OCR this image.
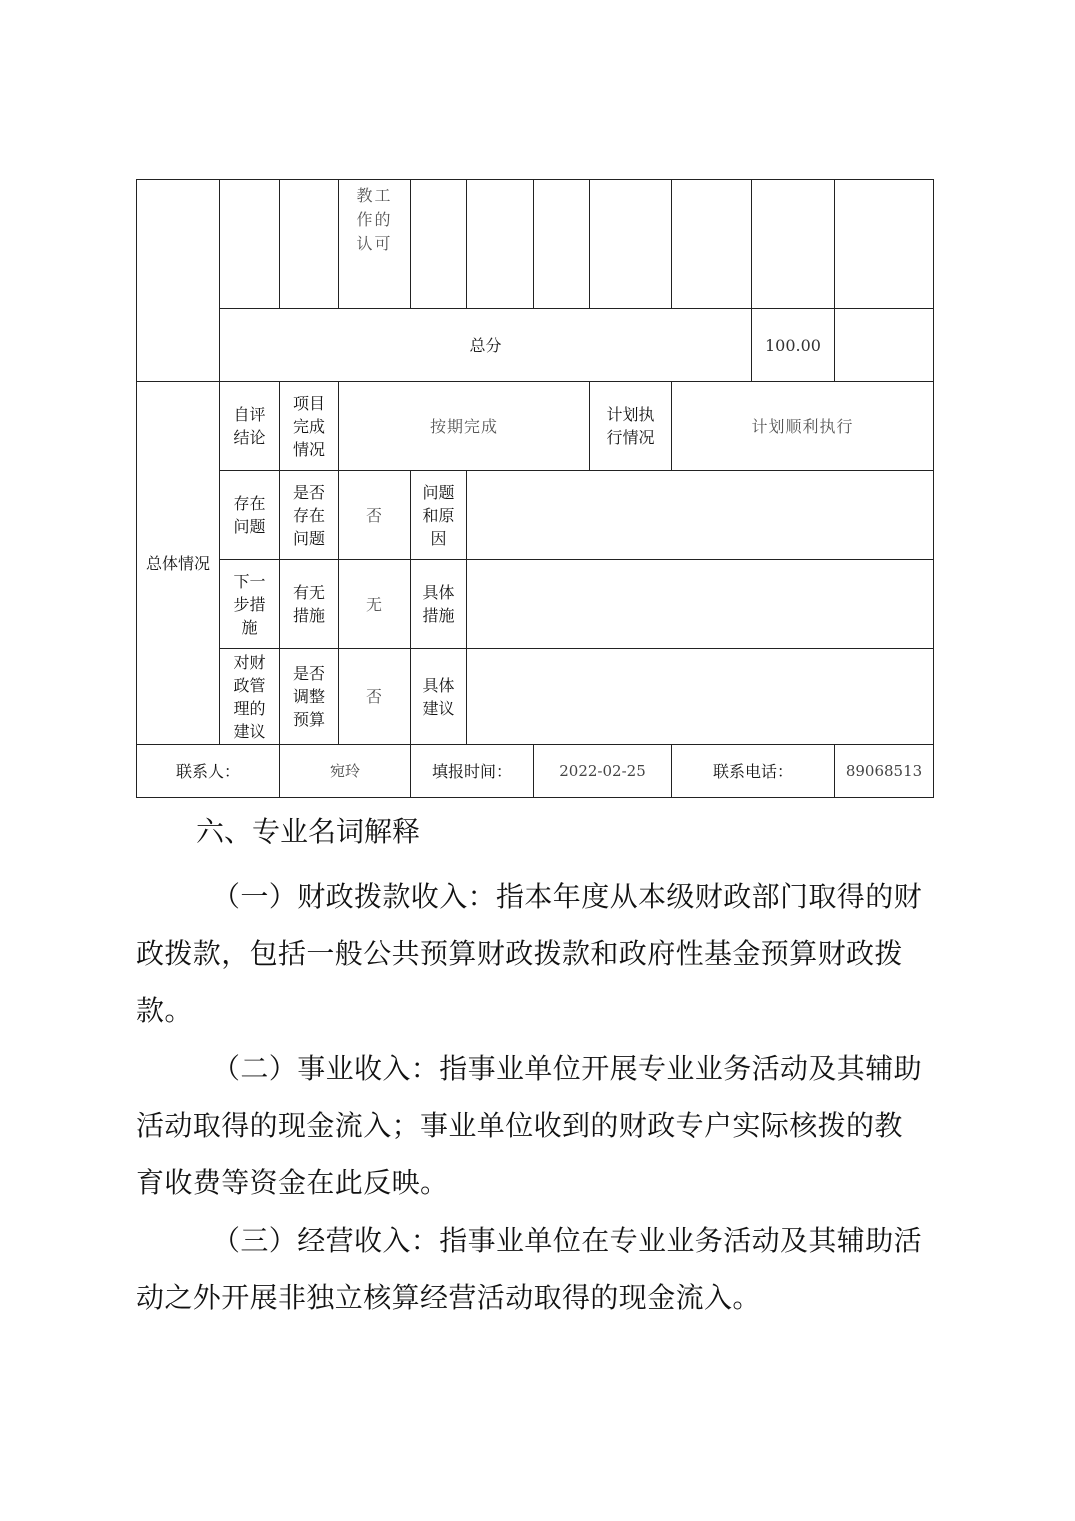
			教工作的认可							
	总分								100.00	
总体情况	自评结论	项目完成情况	按期完成				计划执行情况	计划顺利执行		
	存在问题	是否存在问题	否	问题和原因						
	下一步措施	有无措施	无	具体措施						
	对财政管理的建议	是否调整预算	否	具体建议						
联系人：		宛玲		填报时间：		2022-02-25		联系电话：		89068513
六、专业名词解释

（一）财政拨款收入：指本年度从本级财政部门取得的财政拨款，包括一般公共预算财政拨款和政府性基金预算财政拨款。

（二）事业收入：指事业单位开展专业业务活动及其辅助活动取得的现金流入；事业单位收到的财政专户实际核拨的教育收费等资金在此反映。

（三）经营收入：指事业单位在专业业务活动及其辅助活动之外开展非独立核算经营活动取得的现金流入。
